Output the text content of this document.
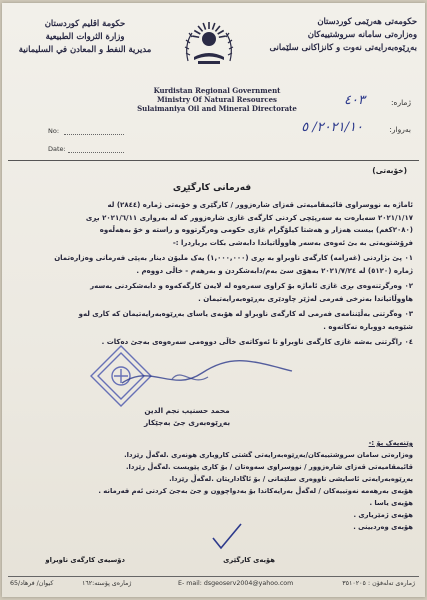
حكومة اقليم كوردستان
وزارة الثروات الطبيعية
مديرية النفط و المعادن في السليمانية
حكومەتی هەرێمی کوردستان
وەزارەتی سامانە سروشتییەکان
بەڕێوەبەرایەتی نەوت و کانزاکانی سلێمانی
Kurdistan Regional Government
Ministry Of Natural Resources
Sulaimaniya Oil and Mineral Directorate
No:
Date:
ژمارە:
٤٠٣
بەروار:
٢٠٢١/١٠/ ٥
(خۆبەتی)
فەرمانی کارگێڕی
ئاماژە بە نووسراوی قائیمقامیەتی قەزای شارەزوور / کارگێری و خۆبەتی ژمارە (٢٨٤٤) لە
٢٠٢١/١/١٧ سەبارەت بە سەرپێچی کردنی کارگەی غازی شارەزوور کە لە بەرواری ٢٠٢١/٦/١١ بڕی
(٢٠٨٠كغم) بیست هەزار و هەشتا کیلۆگرام غازی حکومی وەرگرتووە و راستە و خۆ بەهەڵەوە
فرۆشتویەتی بە بێ ئەوەی بەسەر هاووڵاتیاندا دابەشی بکات بریاردرا :-
٠١ پێ بژاردنی (غەرامە) کارگەی ناوبراو بە بڕی (١,٠٠٠,٠٠٠) یەک ملیۆن دینار بەپێی فەرمانی وەزارەتمان
ژمارە (٥١٢٠) لە ٢٠٢١/٧/٢٤ بەهۆی سێ بەم/دابەشکردن و بەرهەم - خاڵی دووەم .
٠٢ وەرگرتنەوەی بڕی غازی ئاماژە بۆ کراوی سەرەوە لە لایەن کارگەکەوە و دابەشکردنی بەسەر
هاووڵاتیاندا بەنرخی فەرمی لەژێر چاودێری بەڕێوەبەرایەتیمان .
٠٣ وەگرتنی بەڵێننامەی فەرمی لە کارگەی ناوبراو لە هۆبەی یاسای بەڕێوەبەرایەتیمان کە کاری لەو
شێوەیە دووبارە نەکاتەوە .
٠٤ راگرتنی بەشە غازی کارگەی ناوبراو تا ئەوکاتەی خاڵی دووەمی سەرەوەی بەجێ دەکات .
محمد حسنیب نجم الدین
بەڕێوەبەری جێ بەجێکار
وێنەیەک بۆ :-
وەزارەتی سامان سروشتییەکان/بەڕێوەبەرایەتی گشتی کاروباری هونەری .لەگەڵ رێزدا.
قائیمقامیەتی قەزای شارەزوور / نووسراوی سەوەتان / بۆ کاری پێویست .لەگەڵ رێزدا.
بەڕێوەبەرایەتی ئاسایشی ناووەری سلێمانی / بۆ ئاگاداریتان .لەگەڵ رێزدا.
هۆبەی بەرهەمە نەوتییەکان / لەگەڵ بەرایەکاندا بۆ بەدواچوون و جێ بەجێ کردنی ئەم فەرمانە .
هۆبەی یاسا .
هۆبەی ژمێریاری .
هۆبەی وەردبینی .
هۆبەی کارگێری
دۆسیەی کارگەی ناوبراو
کیوان/ فرهاد/65	ژمارەی پۆستە:١٦٢	E- mail: dsgeoserv2004@yahoo.com	ژمارەی تەلەفۆن : ٣٥١٠٢٠٥
